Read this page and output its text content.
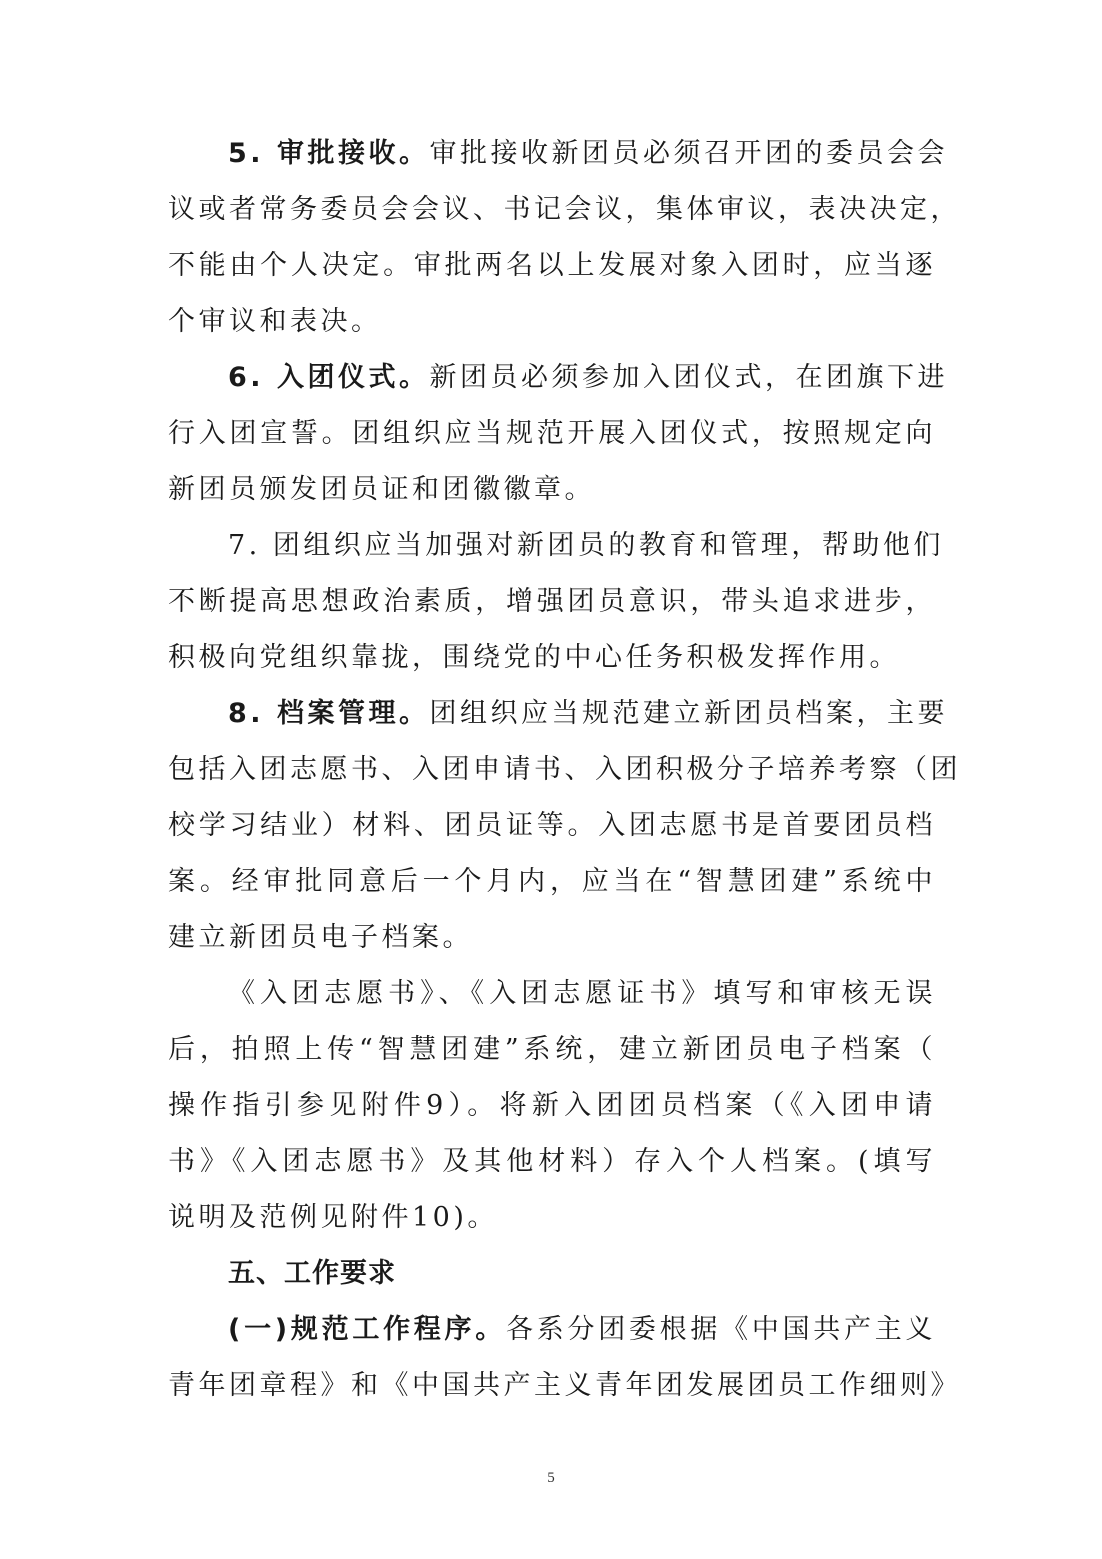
5. 审批接收。审批接收新团员必须召开团的委员会会
议或者常务委员会会议、书记会议，集体审议，表决决定，
不能由个人决定。审批两名以上发展对象入团时，应当逐
个审议和表决。
6. 入团仪式。新团员必须参加入团仪式，在团旗下进
行入团宣誓。团组织应当规范开展入团仪式，按照规定向
新团员颁发团员证和团徽徽章。
7. 团组织应当加强对新团员的教育和管理，帮助他们
不断提高思想政治素质，增强团员意识，带头追求进步，
积极向党组织靠拢，围绕党的中心任务积极发挥作用。
8. 档案管理。团组织应当规范建立新团员档案，主要
包括入团志愿书、入团申请书、入团积极分子培养考察（团
校学习结业）材料、团员证等。入团志愿书是首要团员档
案。经审批同意后一个月内，应当在“智慧团建”系统中
建立新团员电子档案。
《入团志愿书》、《入团志愿证书》填写和审核无误
后，拍照上传“智慧团建”系统，建立新团员电子档案（
操作指引参见附件9）。将新入团团员档案（《入团申请
书》《入团志愿书》及其他材料）存入个人档案。(填写
说明及范例见附件10)。
五、工作要求
(一)规范工作程序。各系分团委根据《中国共产主义
青年团章程》和《中国共产主义青年团发展团员工作细则》
5
